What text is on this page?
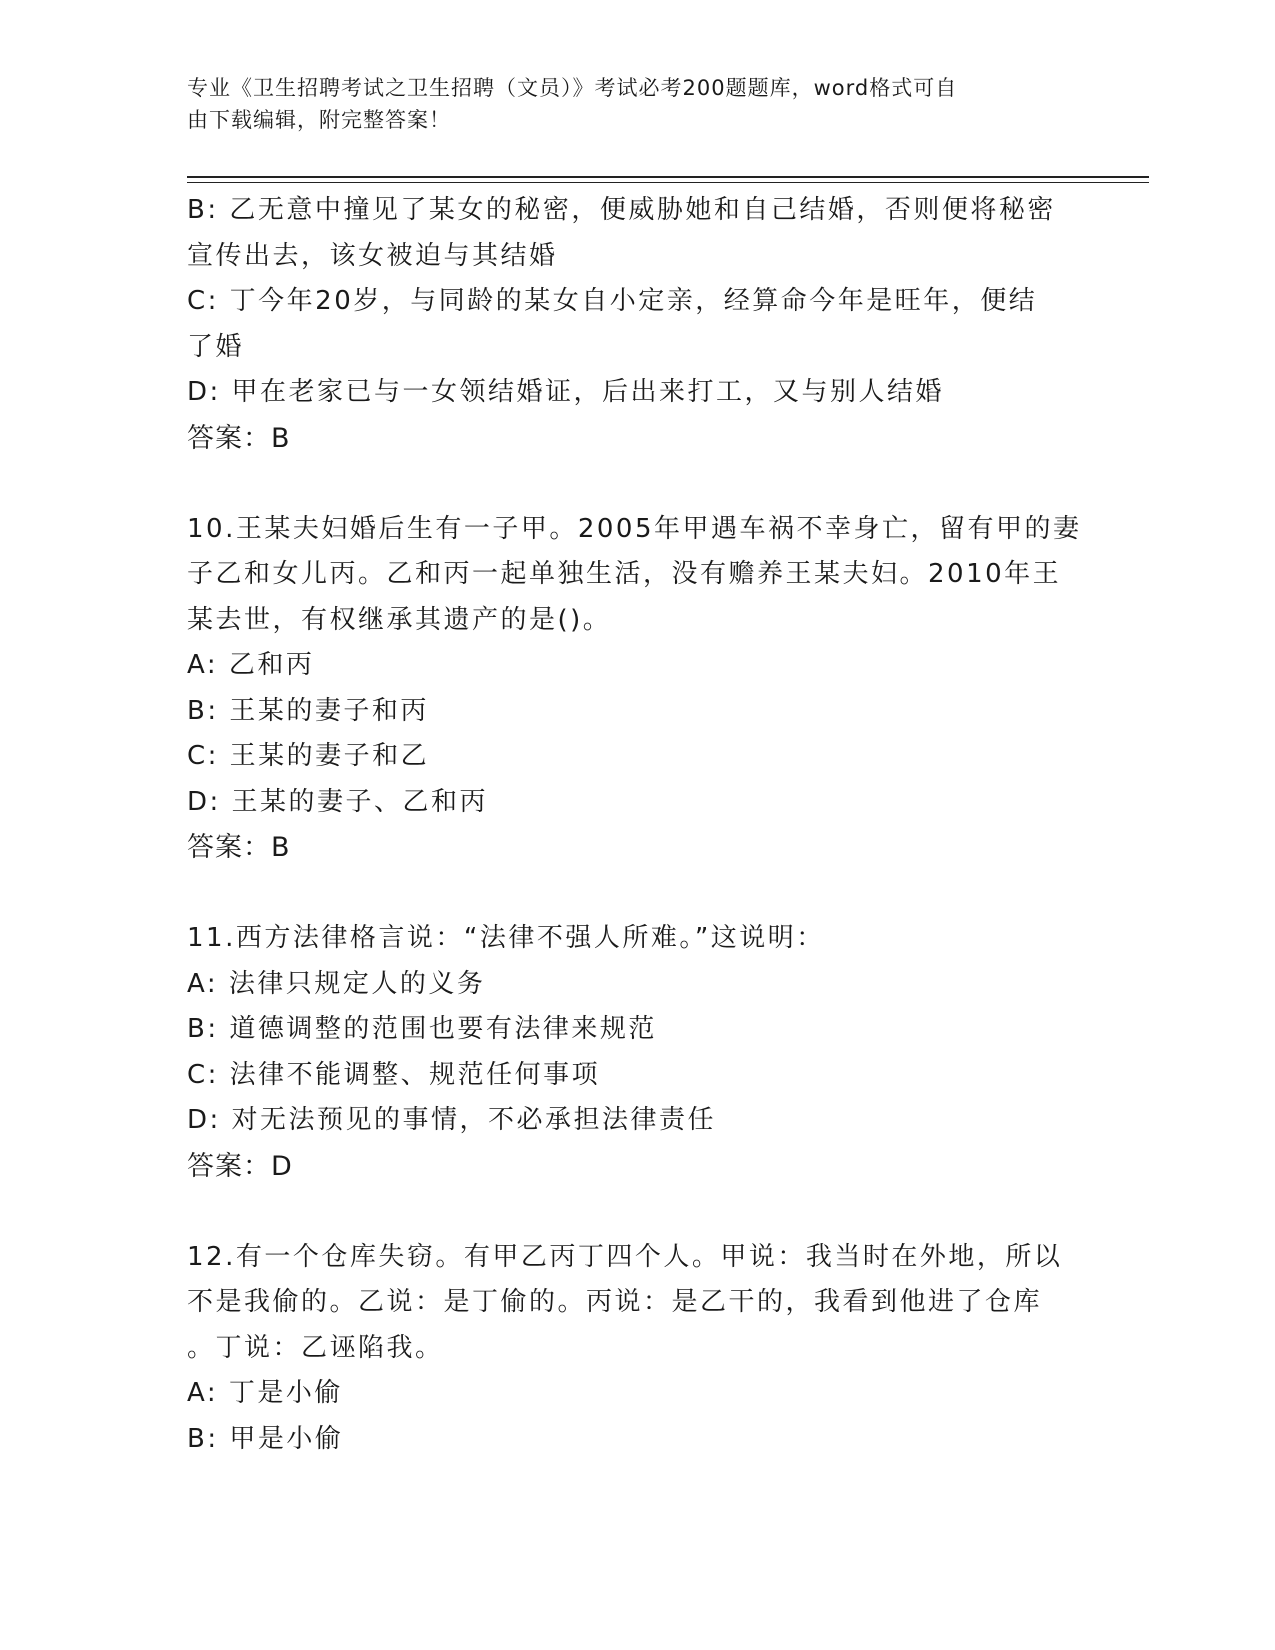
专业《卫生招聘考试之卫生招聘（文员）》考试必考200题题库，word格式可自
由下载编辑，附完整答案！
B: 乙无意中撞见了某女的秘密，便威胁她和自己结婚，否则便将秘密
宣传出去，该女被迫与其结婚
C: 丁今年20岁，与同龄的某女自小定亲，经算命今年是旺年，便结
了婚
D: 甲在老家已与一女领结婚证，后出来打工，又与别人结婚
答案：B
10.王某夫妇婚后生有一子甲。2005年甲遇车祸不幸身亡，留有甲的妻
子乙和女儿丙。乙和丙一起单独生活，没有赡养王某夫妇。2010年王
某去世，有权继承其遗产的是()。
A: 乙和丙
B: 王某的妻子和丙
C: 王某的妻子和乙
D: 王某的妻子、乙和丙
答案：B
11.西方法律格言说：“法律不强人所难。”这说明：
A: 法律只规定人的义务
B: 道德调整的范围也要有法律来规范
C: 法律不能调整、规范任何事项
D: 对无法预见的事情，不必承担法律责任
答案：D
12.有一个仓库失窃。有甲乙丙丁四个人。甲说：我当时在外地，所以
不是我偷的。乙说：是丁偷的。丙说：是乙干的，我看到他进了仓库
。丁说：乙诬陷我。
A: 丁是小偷
B: 甲是小偷
